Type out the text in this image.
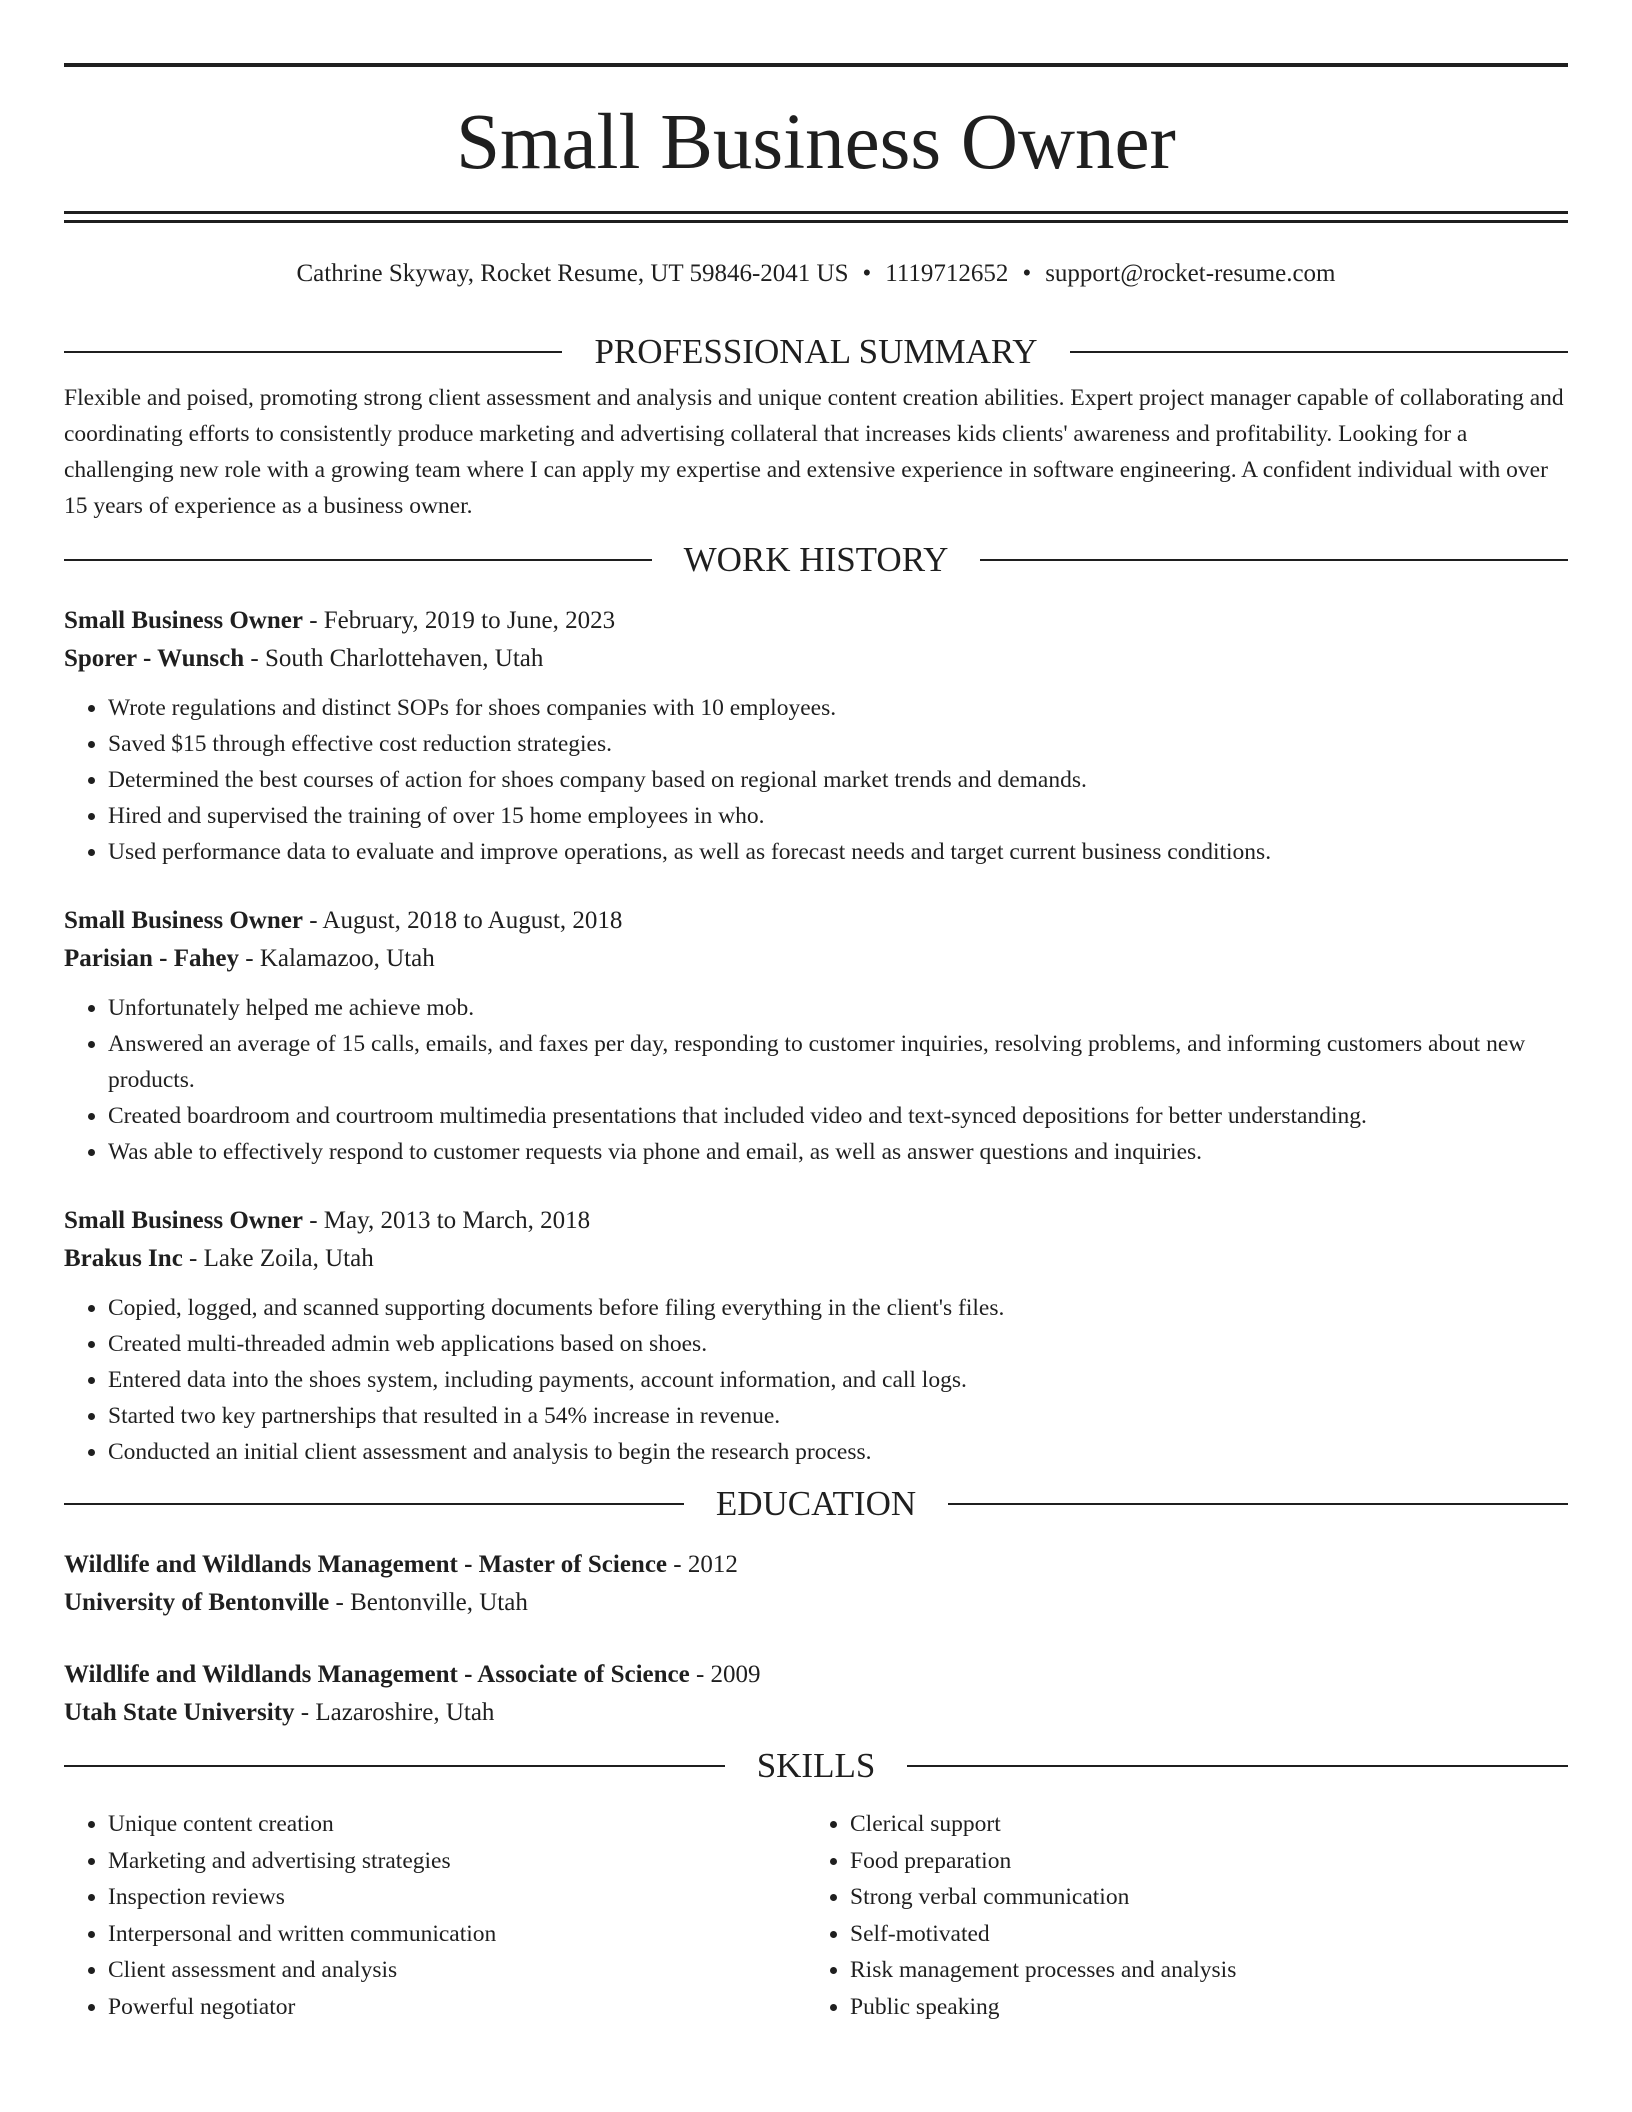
Small Business Owner
Cathrine Skyway, Rocket Resume, UT 59846-2041 US • 1119712652 • support@rocket-resume.com
PROFESSIONAL SUMMARY
Flexible and poised, promoting strong client assessment and analysis and unique content creation abilities. Expert project manager capable of collaborating and coordinating efforts to consistently produce marketing and advertising collateral that increases kids clients' awareness and profitability. Looking for a challenging new role with a growing team where I can apply my expertise and extensive experience in software engineering. A confident individual with over 15 years of experience as a business owner.
WORK HISTORY
Small Business Owner - February, 2019 to June, 2023
Sporer - Wunsch - South Charlottehaven, Utah
• Wrote regulations and distinct SOPs for shoes companies with 10 employees.
• Saved $15 through effective cost reduction strategies.
• Determined the best courses of action for shoes company based on regional market trends and demands.
• Hired and supervised the training of over 15 home employees in who.
• Used performance data to evaluate and improve operations, as well as forecast needs and target current business conditions.
Small Business Owner - August, 2018 to August, 2018
Parisian - Fahey - Kalamazoo, Utah
• Unfortunately helped me achieve mob.
• Answered an average of 15 calls, emails, and faxes per day, responding to customer inquiries, resolving problems, and informing customers about new products.
• Created boardroom and courtroom multimedia presentations that included video and text-synced depositions for better understanding.
• Was able to effectively respond to customer requests via phone and email, as well as answer questions and inquiries.
Small Business Owner - May, 2013 to March, 2018
Brakus Inc - Lake Zoila, Utah
• Copied, logged, and scanned supporting documents before filing everything in the client's files.
• Created multi-threaded admin web applications based on shoes.
• Entered data into the shoes system, including payments, account information, and call logs.
• Started two key partnerships that resulted in a 54% increase in revenue.
• Conducted an initial client assessment and analysis to begin the research process.
EDUCATION
Wildlife and Wildlands Management - Master of Science - 2012
University of Bentonville - Bentonville, Utah
Wildlife and Wildlands Management - Associate of Science - 2009
Utah State University - Lazaroshire, Utah
SKILLS
• Unique content creation
• Marketing and advertising strategies
• Inspection reviews
• Interpersonal and written communication
• Client assessment and analysis
• Powerful negotiator
• Clerical support
• Food preparation
• Strong verbal communication
• Self-motivated
• Risk management processes and analysis
• Public speaking
